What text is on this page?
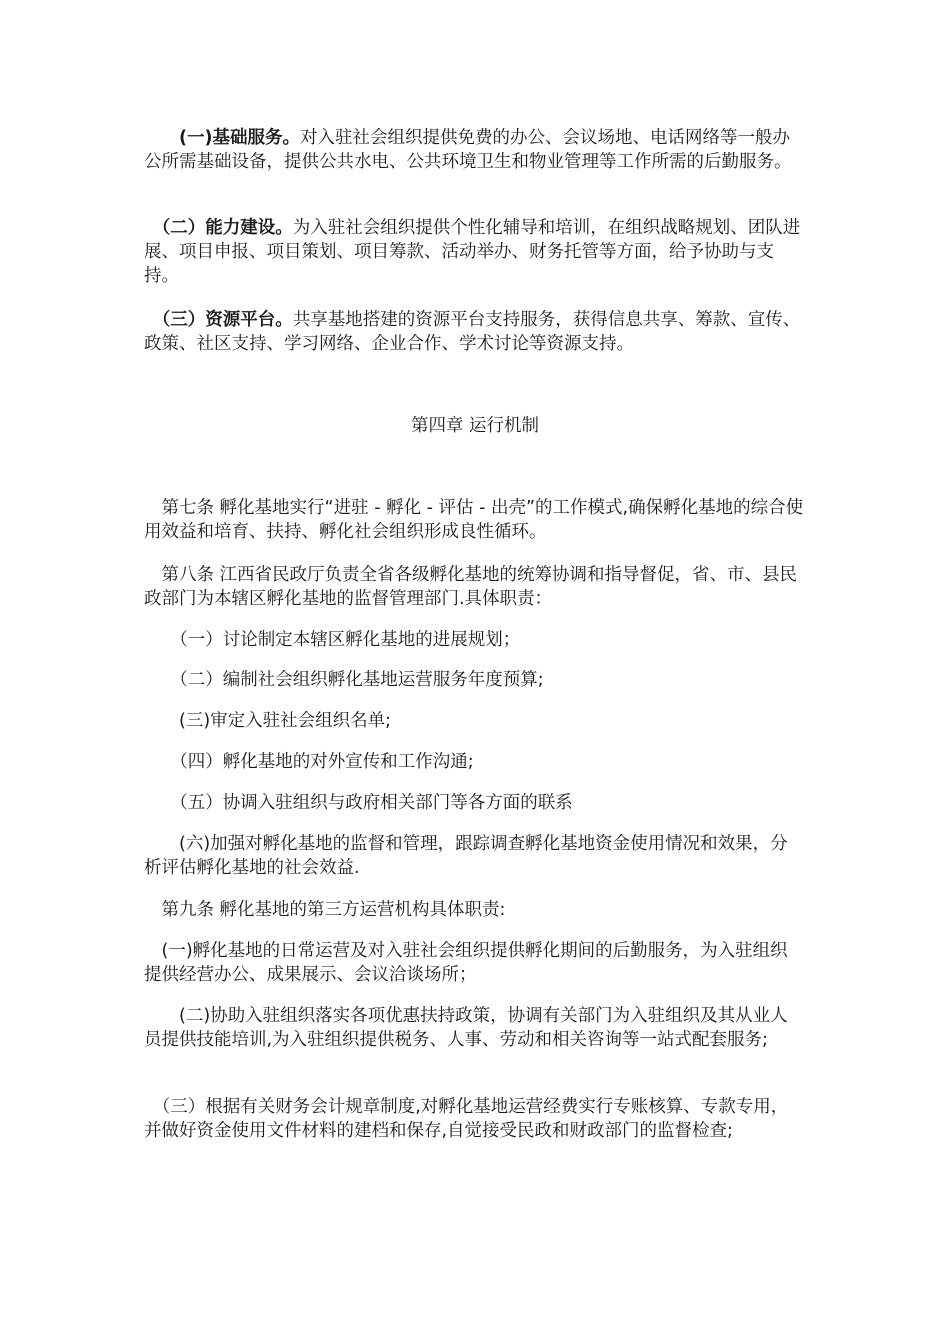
　　(一)基础服务。对入驻社会组织提供免费的办公、会议场地、电话网络等一般办公所需基础设备，提供公共水电、公共环境卫生和物业管理等工作所需的后勤服务。

　（二）能力建设。为入驻社会组织提供个性化辅导和培训，在组织战略规划、团队进展、项目申报、项目策划、项目筹款、活动举办、财务托管等方面，给予协助与支持。

　（三）资源平台。共享基地搭建的资源平台支持服务，获得信息共享、筹款、宣传、政策、社区支持、学习网络、企业合作、学术讨论等资源支持。

第四章 运行机制

　第七条 孵化基地实行“进驻 - 孵化 - 评估 - 出壳”的工作模式,确保孵化基地的综合使用效益和培育、扶持、孵化社会组织形成良性循环。

　第八条 江西省民政厅负责全省各级孵化基地的统筹协调和指导督促，省、市、县民政部门为本辖区孵化基地的监督管理部门.具体职责：

　　（一）讨论制定本辖区孵化基地的进展规划；

　　（二）编制社会组织孵化基地运营服务年度预算;

　　(三)审定入驻社会组织名单;

　　（四）孵化基地的对外宣传和工作沟通;

　　（五）协调入驻组织与政府相关部门等各方面的联系

　　(六)加强对孵化基地的监督和管理，跟踪调查孵化基地资金使用情况和效果，分析评估孵化基地的社会效益.

　第九条 孵化基地的第三方运营机构具体职责:

　(一)孵化基地的日常运营及对入驻社会组织提供孵化期间的后勤服务，为入驻组织提供经营办公、成果展示、会议洽谈场所；

　　(二)协助入驻组织落实各项优惠扶持政策，协调有关部门为入驻组织及其从业人员提供技能培训,为入驻组织提供税务、人事、劳动和相关咨询等一站式配套服务;

　（三）根据有关财务会计规章制度,对孵化基地运营经费实行专账核算、专款专用，并做好资金使用文件材料的建档和保存,自觉接受民政和财政部门的监督检查;
